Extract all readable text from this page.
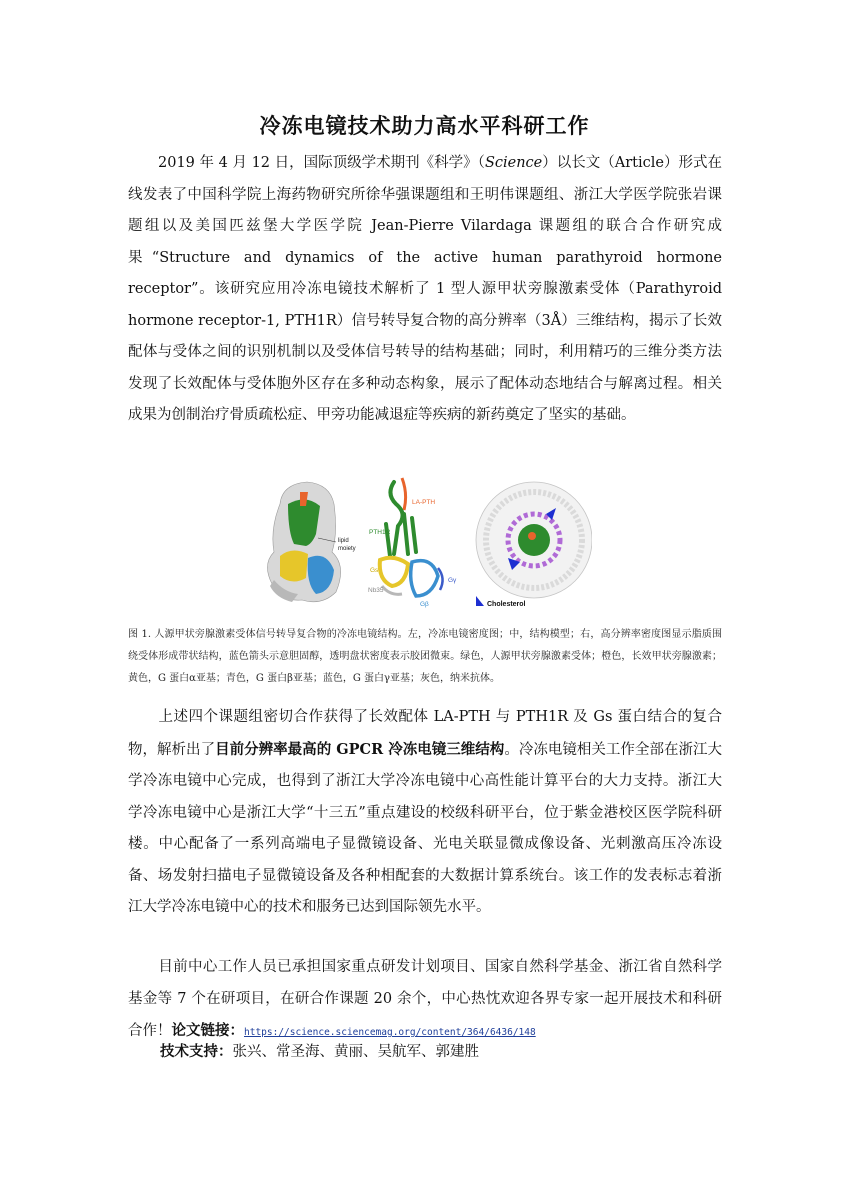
冷冻电镜技术助力高水平科研工作

2019 年 4 月 12 日，国际顶级学术期刊《科学》（Science）以长文（Article）形式在线发表了中国科学院上海药物研究所徐华强课题组和王明伟课题组、浙江大学医学院张岩课题组以及美国匹兹堡大学医学院 Jean-Pierre Vilardaga 课题组的联合合作研究成果“Structure and dynamics of the active human parathyroid hormone receptor”。该研究应用冷冻电镜技术解析了 1 型人源甲状旁腺激素受体（Parathyroid hormone receptor-1, PTH1R）信号转导复合物的高分辨率（3Å）三维结构，揭示了长效配体与受体之间的识别机制以及受体信号转导的结构基础；同时，利用精巧的三维分类方法发现了长效配体与受体胞外区存在多种动态构象，展示了配体动态地结合与解离过程。相关成果为创制治疗骨质疏松症、甲旁功能减退症等疾病的新药奠定了坚实的基础。

lipid
moiety
LA-PTH
PTH1R
Gs
Gγ
Nb35
Gβ	Cholesterol

图 1. 人源甲状旁腺激素受体信号转导复合物的冷冻电镜结构。左，冷冻电镜密度图；中，结构模型；右，高分辨率密度图显示脂质围绕受体形成带状结构，蓝色箭头示意胆固醇，透明盘状密度表示胶团微束。绿色，人源甲状旁腺激素受体；橙色，长效甲状旁腺激素；黄色，G 蛋白α亚基；青色，G 蛋白β亚基；蓝色，G 蛋白γ亚基；灰色，纳米抗体。

上述四个课题组密切合作获得了长效配体 LA-PTH 与 PTH1R 及 Gs 蛋白结合的复合物，解析出了目前分辨率最高的 GPCR 冷冻电镜三维结构。冷冻电镜相关工作全部在浙江大学冷冻电镜中心完成，也得到了浙江大学冷冻电镜中心高性能计算平台的大力支持。浙江大学冷冻电镜中心是浙江大学“十三五”重点建设的校级科研平台，位于紫金港校区医学院科研楼。中心配备了一系列高端电子显微镜设备、光电关联显微成像设备、光刺激高压冷冻设备、场发射扫描电子显微镜设备及各种相配套的大数据计算系统台。该工作的发表标志着浙江大学冷冻电镜中心的技术和服务已达到国际领先水平。

目前中心工作人员已承担国家重点研发计划项目、国家自然科学基金、浙江省自然科学基金等 7 个在研项目，在研合作课题 20 余个，中心热忱欢迎各界专家一起开展技术和科研合作！论文链接：https://science.sciencemag.org/content/364/6436/148

技术支持：张兴、常圣海、黄丽、吴航军、郭建胜
